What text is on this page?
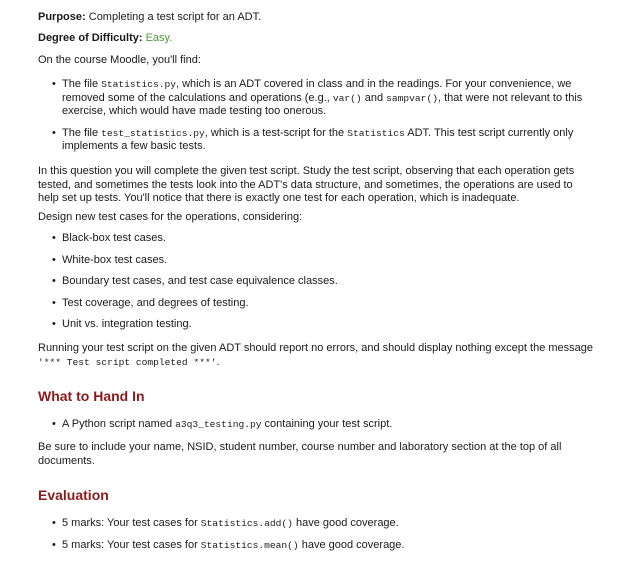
Purpose: Completing a test script for an ADT.

Degree of Difficulty: Easy.

On the course Moodle, you'll find:

• The file Statistics.py, which is an ADT covered in class and in the readings. For your convenience, we removed some of the calculations and operations (e.g., var() and sampvar(), that were not relevant to this exercise, which would have made testing too onerous.
• The file test_statistics.py, which is a test-script for the Statistics ADT. This test script currently only implements a few basic tests.

In this question you will complete the given test script. Study the test script, observing that each operation gets tested, and sometimes the tests look into the ADT's data structure, and sometimes, the operations are used to help set up tests. You'll notice that there is exactly one test for each operation, which is inadequate.

Design new test cases for the operations, considering:

• Black-box test cases.
• White-box test cases.
• Boundary test cases, and test case equivalence classes.
• Test coverage, and degrees of testing.
• Unit vs. integration testing.

Running your test script on the given ADT should report no errors, and should display nothing except the message '*** Test script completed ***'.

What to Hand In
• A Python script named a3q3_testing.py containing your test script.

Be sure to include your name, NSID, student number, course number and laboratory section at the top of all documents.

Evaluation
• 5 marks: Your test cases for Statistics.add() have good coverage.
• 5 marks: Your test cases for Statistics.mean() have good coverage.
